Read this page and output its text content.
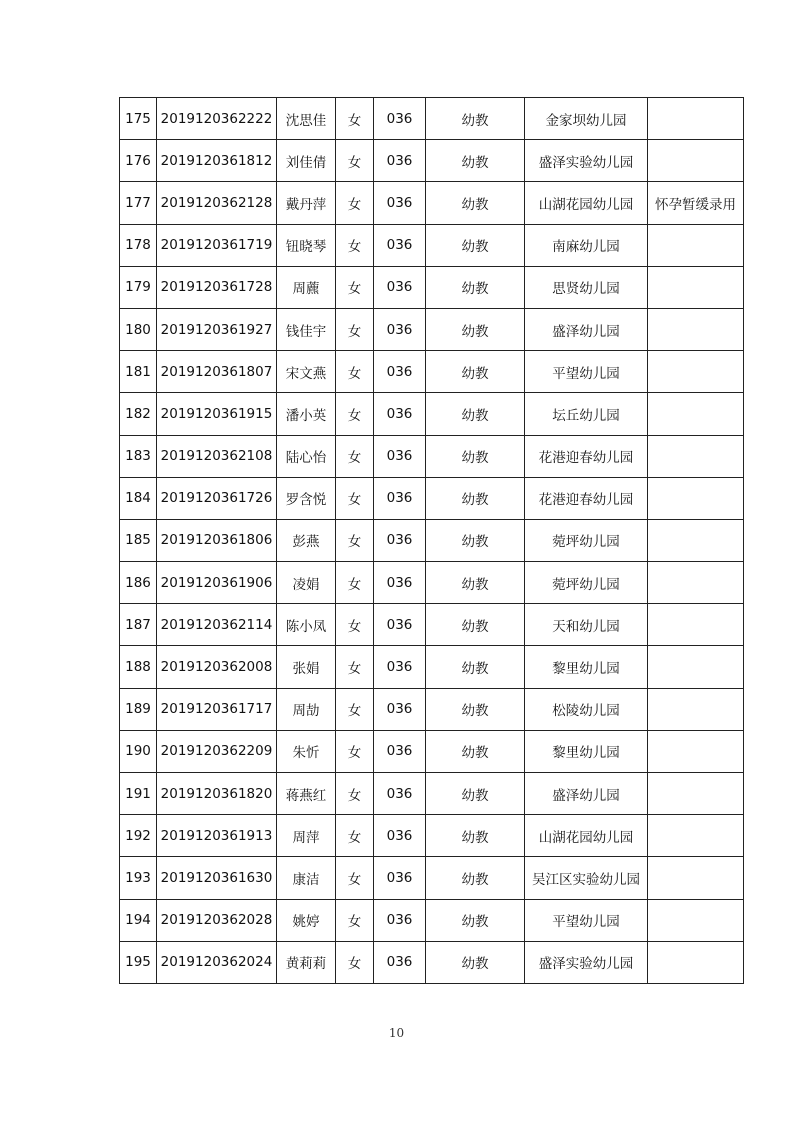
175	2019120362222	沈思佳	女	036	幼教	金家坝幼儿园	
176	2019120361812	刘佳倩	女	036	幼教	盛泽实验幼儿园	
177	2019120362128	戴丹萍	女	036	幼教	山湖花园幼儿园	怀孕暂缓录用
178	2019120361719	钮晓琴	女	036	幼教	南麻幼儿园	
179	2019120361728	周藨	女	036	幼教	思贤幼儿园	
180	2019120361927	钱佳宇	女	036	幼教	盛泽幼儿园	
181	2019120361807	宋文燕	女	036	幼教	平望幼儿园	
182	2019120361915	潘小英	女	036	幼教	坛丘幼儿园	
183	2019120362108	陆心怡	女	036	幼教	花港迎春幼儿园	
184	2019120361726	罗含悦	女	036	幼教	花港迎春幼儿园	
185	2019120361806	彭燕	女	036	幼教	菀坪幼儿园	
186	2019120361906	凌娟	女	036	幼教	菀坪幼儿园	
187	2019120362114	陈小凤	女	036	幼教	天和幼儿园	
188	2019120362008	张娟	女	036	幼教	黎里幼儿园	
189	2019120361717	周劼	女	036	幼教	松陵幼儿园	
190	2019120362209	朱忻	女	036	幼教	黎里幼儿园	
191	2019120361820	蒋燕红	女	036	幼教	盛泽幼儿园	
192	2019120361913	周萍	女	036	幼教	山湖花园幼儿园	
193	2019120361630	康洁	女	036	幼教	吴江区实验幼儿园	
194	2019120362028	姚婷	女	036	幼教	平望幼儿园	
195	2019120362024	黄莉莉	女	036	幼教	盛泽实验幼儿园	
10
